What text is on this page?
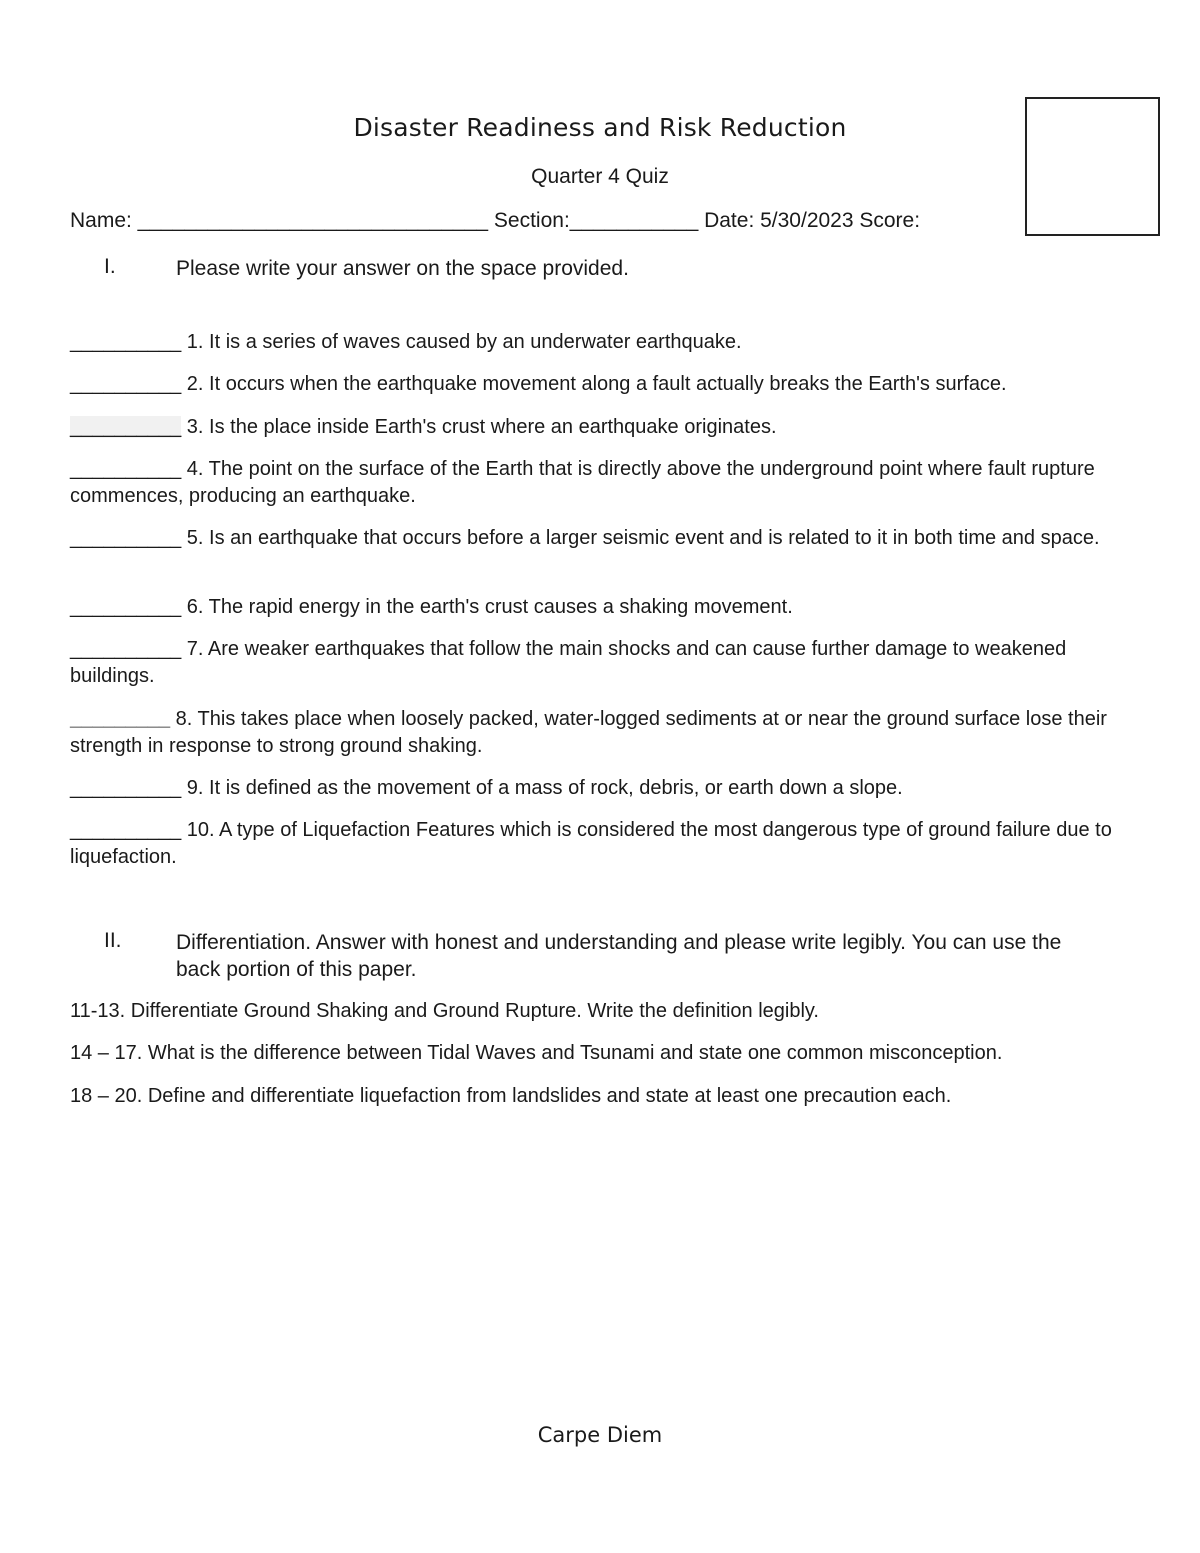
Disaster Readiness and Risk Reduction
Quarter 4 Quiz
Name: ______________________________ Section:___________ Date: 5/30/2023 Score:
I.	Please write your answer on the space provided.
__________ 1. It is a series of waves caused by an underwater earthquake.
__________ 2. It occurs when the earthquake movement along a fault actually breaks the Earth's surface.
__________ 3. Is the place inside Earth's crust where an earthquake originates.
__________ 4. The point on the surface of the Earth that is directly above the underground point where fault rupture commences, producing an earthquake.
__________ 5. Is an earthquake that occurs before a larger seismic event and is related to it in both time and space.
__________ 6. The rapid energy in the earth's crust causes a shaking movement.
__________ 7. Are weaker earthquakes that follow the main shocks and can cause further damage to weakened buildings.
_________ 8. This takes place when loosely packed, water-logged sediments at or near the ground surface lose their strength in response to strong ground shaking.
__________ 9. It is defined as the movement of a mass of rock, debris, or earth down a slope.
__________ 10. A type of Liquefaction Features which is considered the most dangerous type of ground failure due to liquefaction.
II.	Differentiation. Answer with honest and understanding and please write legibly. You can use the back portion of this paper.
11-13. Differentiate Ground Shaking and Ground Rupture. Write the definition legibly.
14 – 17. What is the difference between Tidal Waves and Tsunami and state one common misconception.
18 – 20. Define and differentiate liquefaction from landslides and state at least one precaution each.
Carpe Diem
